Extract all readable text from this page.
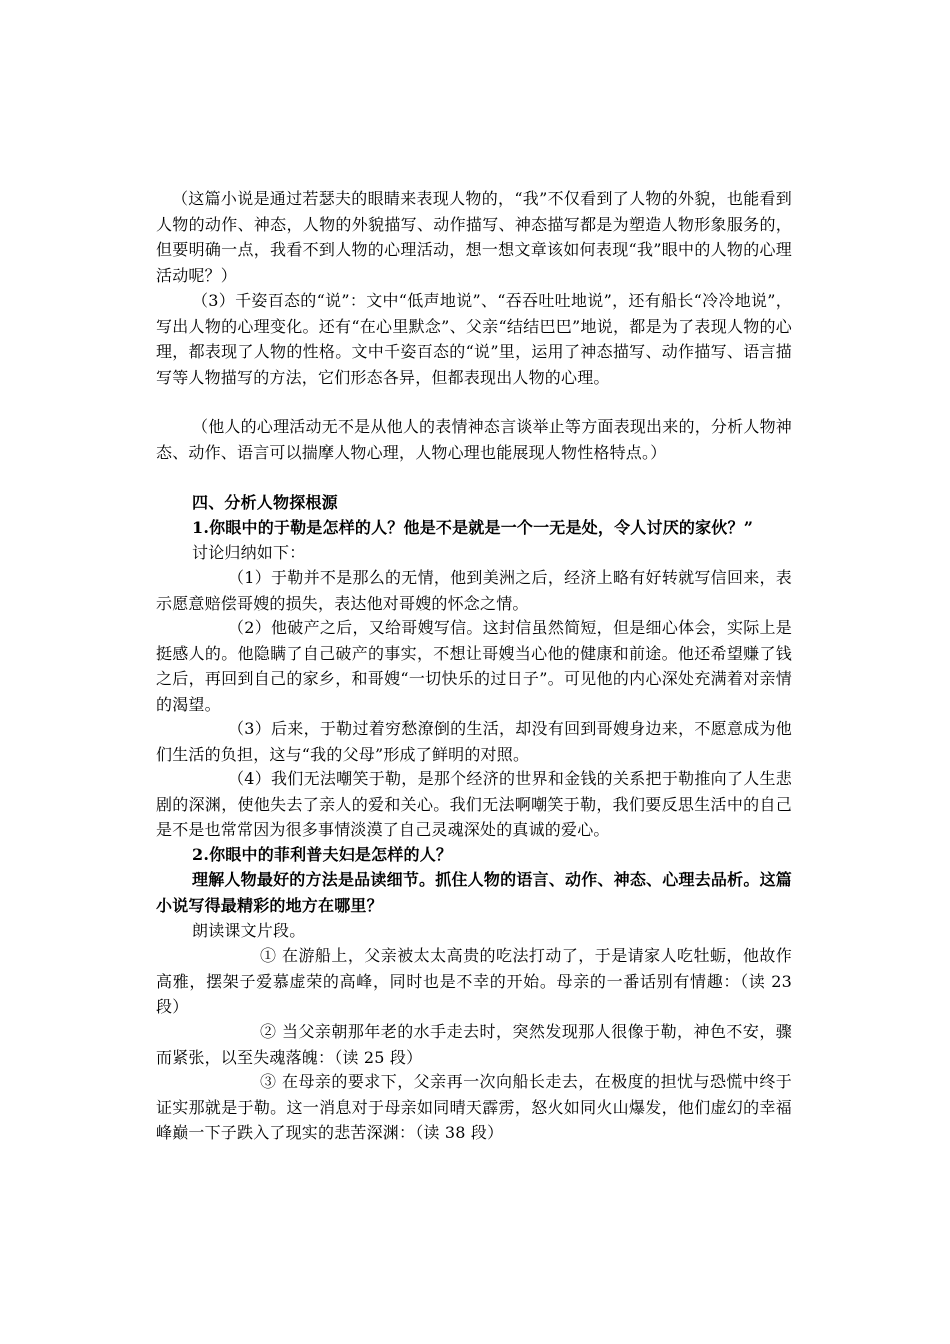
（这篇小说是通过若瑟夫的眼睛来表现人物的，“我”不仅看到了人物的外貌，也能看到人物的动作、神态，人物的外貌描写、动作描写、神态描写都是为塑造人物形象服务的，但要明确一点，我看不到人物的心理活动，想一想文章该如何表现“我”眼中的人物的心理活动呢？）
（3）千姿百态的“说”：文中“低声地说”、“吞吞吐吐地说”，还有船长“冷冷地说”，写出人物的心理变化。还有“在心里默念”、父亲“结结巴巴”地说，都是为了表现人物的心理，都表现了人物的性格。文中千姿百态的“说”里，运用了神态描写、动作描写、语言描写等人物描写的方法，它们形态各异，但都表现出人物的心理。
（他人的心理活动无不是从他人的表情神态言谈举止等方面表现出来的，分析人物神态、动作、语言可以揣摩人物心理，人物心理也能展现人物性格特点。）
四、分析人物探根源
1.你眼中的于勒是怎样的人？他是不是就是一个一无是处，令人讨厌的家伙？”
讨论归纳如下：
（1）于勒并不是那么的无情，他到美洲之后，经济上略有好转就写信回来，表示愿意赔偿哥嫂的损失，表达他对哥嫂的怀念之情。
（2）他破产之后，又给哥嫂写信。这封信虽然简短，但是细心体会，实际上是挺感人的。他隐瞒了自己破产的事实，不想让哥嫂当心他的健康和前途。他还希望赚了钱之后，再回到自己的家乡，和哥嫂“一切快乐的过日子”。可见他的内心深处充满着对亲情的渴望。
（3）后来，于勒过着穷愁潦倒的生活，却没有回到哥嫂身边来，不愿意成为他们生活的负担，这与“我的父母”形成了鲜明的对照。
（4）我们无法嘲笑于勒，是那个经济的世界和金钱的关系把于勒推向了人生悲剧的深渊，使他失去了亲人的爱和关心。我们无法啊嘲笑于勒，我们要反思生活中的自己是不是也常常因为很多事情淡漠了自己灵魂深处的真诚的爱心。
2.你眼中的菲利普夫妇是怎样的人？
理解人物最好的方法是品读细节。抓住人物的语言、动作、神态、心理去品析。这篇小说写得最精彩的地方在哪里？
朗读课文片段。
① 在游船上，父亲被太太高贵的吃法打动了，于是请家人吃牡蛎，他故作高雅，摆架子爱慕虚荣的高峰，同时也是不幸的开始。母亲的一番话别有情趣：（读 23 段）
② 当父亲朝那年老的水手走去时，突然发现那人很像于勒，神色不安，骤而紧张，以至失魂落魄：（读 25 段）
③ 在母亲的要求下，父亲再一次向船长走去，在极度的担忧与恐慌中终于证实那就是于勒。这一消息对于母亲如同晴天霹雳，怒火如同火山爆发，他们虚幻的幸福峰巅一下子跌入了现实的悲苦深渊：（读 38 段）
